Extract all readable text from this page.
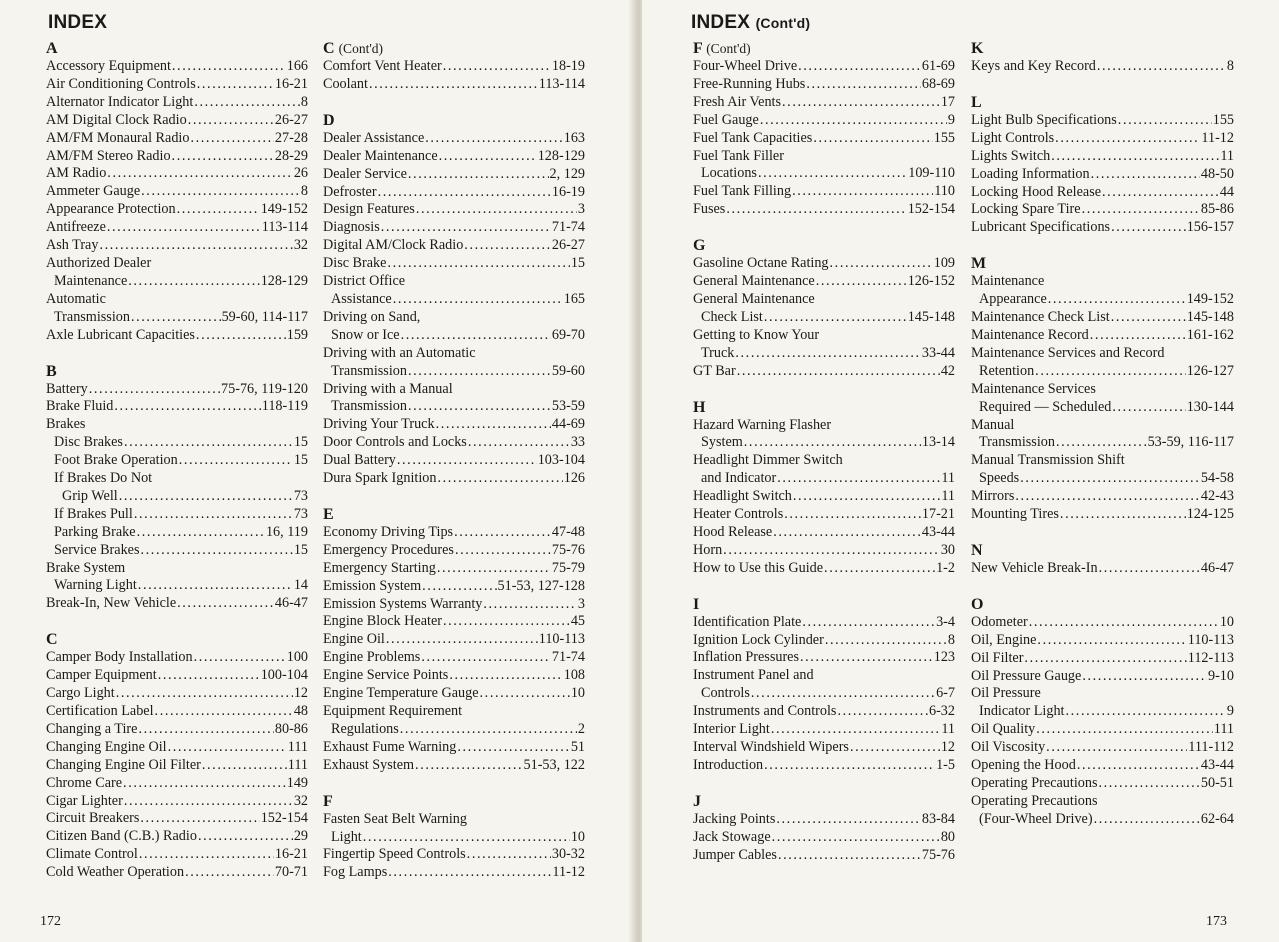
INDEX
A
Accessory Equipment .....	166
Air Conditioning Controls .....	16-21
Alternator Indicator Light .....	8
AM Digital Clock Radio .....	26-27
AM/FM Monaural Radio .....	27-28
AM/FM Stereo Radio .....	28-29
AM Radio .....	26
Ammeter Gauge .....	8
Appearance Protection .....	149-152
Antifreeze .....	113-114
Ash Tray .....	32
Authorized Dealer
Maintenance .....	128-129
Automatic
Transmission .....	59-60, 114-117
Axle Lubricant Capacities .....	159
B
Battery .....	75-76, 119-120
Brake Fluid .....	118-119
Brakes
Disc Brakes .....	15
Foot Brake Operation .....	15
If Brakes Do Not
Grip Well .....	73
If Brakes Pull .....	73
Parking Brake .....	16, 119
Service Brakes .....	15
Brake System
Warning Light .....	14
Break-In, New Vehicle .....	46-47
C
Camper Body Installation .....	100
Camper Equipment .....	100-104
Cargo Light .....	12
Certification Label .....	48
Changing a Tire .....	80-86
Changing Engine Oil .....	111
Changing Engine Oil Filter .....	111
Chrome Care .....	149
Cigar Lighter .....	32
Circuit Breakers .....	152-154
Citizen Band (C.B.) Radio .....	29
Climate Control .....	16-21
Cold Weather Operation .....	70-71
C (Cont'd)
Comfort Vent Heater .....	18-19
Coolant .....	113-114
D
Dealer Assistance .....	163
Dealer Maintenance .....	128-129
Dealer Service .....	2, 129
Defroster .....	16-19
Design Features .....	3
Diagnosis .....	71-74
Digital AM/Clock Radio .....	26-27
Disc Brake .....	15
District Office
Assistance .....	165
Driving on Sand,
Snow or Ice .....	69-70
Driving with an Automatic
Transmission .....	59-60
Driving with a Manual
Transmission .....	53-59
Driving Your Truck .....	44-69
Door Controls and Locks .....	33
Dual Battery .....	103-104
Dura Spark Ignition .....	126
E
Economy Driving Tips .....	47-48
Emergency Procedures .....	75-76
Emergency Starting .....	75-79
Emission System .....	51-53, 127-128
Emission Systems Warranty .....	3
Engine Block Heater .....	45
Engine Oil .....	110-113
Engine Problems .....	71-74
Engine Service Points .....	108
Engine Temperature Gauge .....	10
Equipment Requirement
Regulations .....	2
Exhaust Fume Warning .....	51
Exhaust System .....	51-53, 122
F
Fasten Seat Belt Warning
Light .....	10
Fingertip Speed Controls .....	30-32
Fog Lamps .....	11-12
172
INDEX (Cont'd)
F (Cont'd)
Four-Wheel Drive .....	61-69
Free-Running Hubs .....	68-69
Fresh Air Vents .....	17
Fuel Gauge .....	9
Fuel Tank Capacities .....	155
Fuel Tank Filler
Locations .....	109-110
Fuel Tank Filling .....	110
Fuses .....	152-154
G
Gasoline Octane Rating .....	109
General Maintenance .....	126-152
General Maintenance
Check List .....	145-148
Getting to Know Your
Truck .....	33-44
GT Bar .....	42
H
Hazard Warning Flasher
System .....	13-14
Headlight Dimmer Switch
and Indicator .....	11
Headlight Switch .....	11
Heater Controls .....	17-21
Hood Release .....	43-44
Horn .....	30
How to Use this Guide .....	1-2
I
Identification Plate .....	3-4
Ignition Lock Cylinder .....	8
Inflation Pressures .....	123
Instrument Panel and
Controls .....	6-7
Instruments and Controls .....	6-32
Interior Light .....	11
Interval Windshield Wipers .....	12
Introduction .....	1-5
J
Jacking Points .....	83-84
Jack Stowage .....	80
Jumper Cables .....	75-76
K
Keys and Key Record .....	8
L
Light Bulb Specifications .....	155
Light Controls .....	11-12
Lights Switch .....	11
Loading Information .....	48-50
Locking Hood Release .....	44
Locking Spare Tire .....	85-86
Lubricant Specifications .....	156-157
M
Maintenance
Appearance .....	149-152
Maintenance Check List .....	145-148
Maintenance Record .....	161-162
Maintenance Services and Record
Retention .....	126-127
Maintenance Services
Required — Scheduled .....	130-144
Manual
Transmission .....	53-59, 116-117
Manual Transmission Shift
Speeds .....	54-58
Mirrors .....	42-43
Mounting Tires .....	124-125
N
New Vehicle Break-In .....	46-47
O
Odometer .....	10
Oil, Engine .....	110-113
Oil Filter .....	112-113
Oil Pressure Gauge .....	9-10
Oil Pressure
Indicator Light .....	9
Oil Quality .....	111
Oil Viscosity .....	111-112
Opening the Hood .....	43-44
Operating Precautions .....	50-51
Operating Precautions
(Four-Wheel Drive) .....	62-64
173
